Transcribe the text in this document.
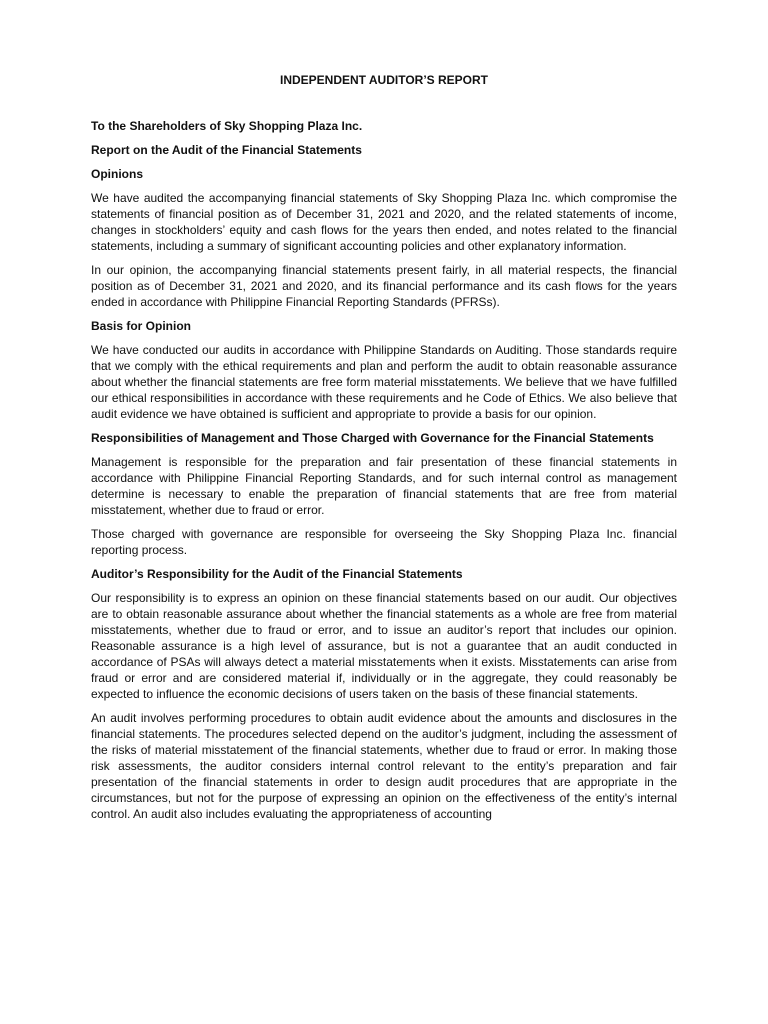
INDEPENDENT AUDITOR’S REPORT
To the Shareholders of Sky Shopping Plaza Inc.
Report on the Audit of the Financial Statements
Opinions

We have audited the accompanying financial statements of Sky Shopping Plaza Inc. which compromise the statements of financial position as of December 31, 2021 and 2020, and the related statements of income, changes in stockholders’ equity and cash flows for the years then ended, and notes related to the financial statements, including a summary of significant accounting policies and other explanatory information.

In our opinion, the accompanying financial statements present fairly, in all material respects, the financial position as of December 31, 2021 and 2020, and its financial performance and its cash flows for the years ended in accordance with Philippine Financial Reporting Standards (PFRSs).

Basis for Opinion

We have conducted our audits in accordance with Philippine Standards on Auditing. Those standards require that we comply with the ethical requirements and plan and perform the audit to obtain reasonable assurance about whether the financial statements are free form material misstatements. We believe that we have fulfilled our ethical responsibilities in accordance with these requirements and he Code of Ethics. We also believe that audit evidence we have obtained is sufficient and appropriate to provide a basis for our opinion.

Responsibilities of Management and Those Charged with Governance for the Financial Statements

Management is responsible for the preparation and fair presentation of these financial statements in accordance with Philippine Financial Reporting Standards, and for such internal control as management determine is necessary to enable the preparation of financial statements that are free from material misstatement, whether due to fraud or error.

Those charged with governance are responsible for overseeing the Sky Shopping Plaza Inc. financial reporting process.

Auditor’s Responsibility for the Audit of the Financial Statements

Our responsibility is to express an opinion on these financial statements based on our audit. Our objectives are to obtain reasonable assurance about whether the financial statements as a whole are free from material misstatements, whether due to fraud or error, and to issue an auditor’s report that includes our opinion. Reasonable assurance is a high level of assurance, but is not a guarantee that an audit conducted in accordance of PSAs will always detect a material misstatements when it exists. Misstatements can arise from fraud or error and are considered material if, individually or in the aggregate, they could reasonably be expected to influence the economic decisions of users taken on the basis of these financial statements.

An audit involves performing procedures to obtain audit evidence about the amounts and disclosures in the financial statements. The procedures selected depend on the auditor’s judgment, including the assessment of the risks of material misstatement of the financial statements, whether due to fraud or error. In making those risk assessments, the auditor considers internal control relevant to the entity’s preparation and fair presentation of the financial statements in order to design audit procedures that are appropriate in the circumstances, but not for the purpose of expressing an opinion on the effectiveness of the entity’s internal control. An audit also includes evaluating the appropriateness of accounting
